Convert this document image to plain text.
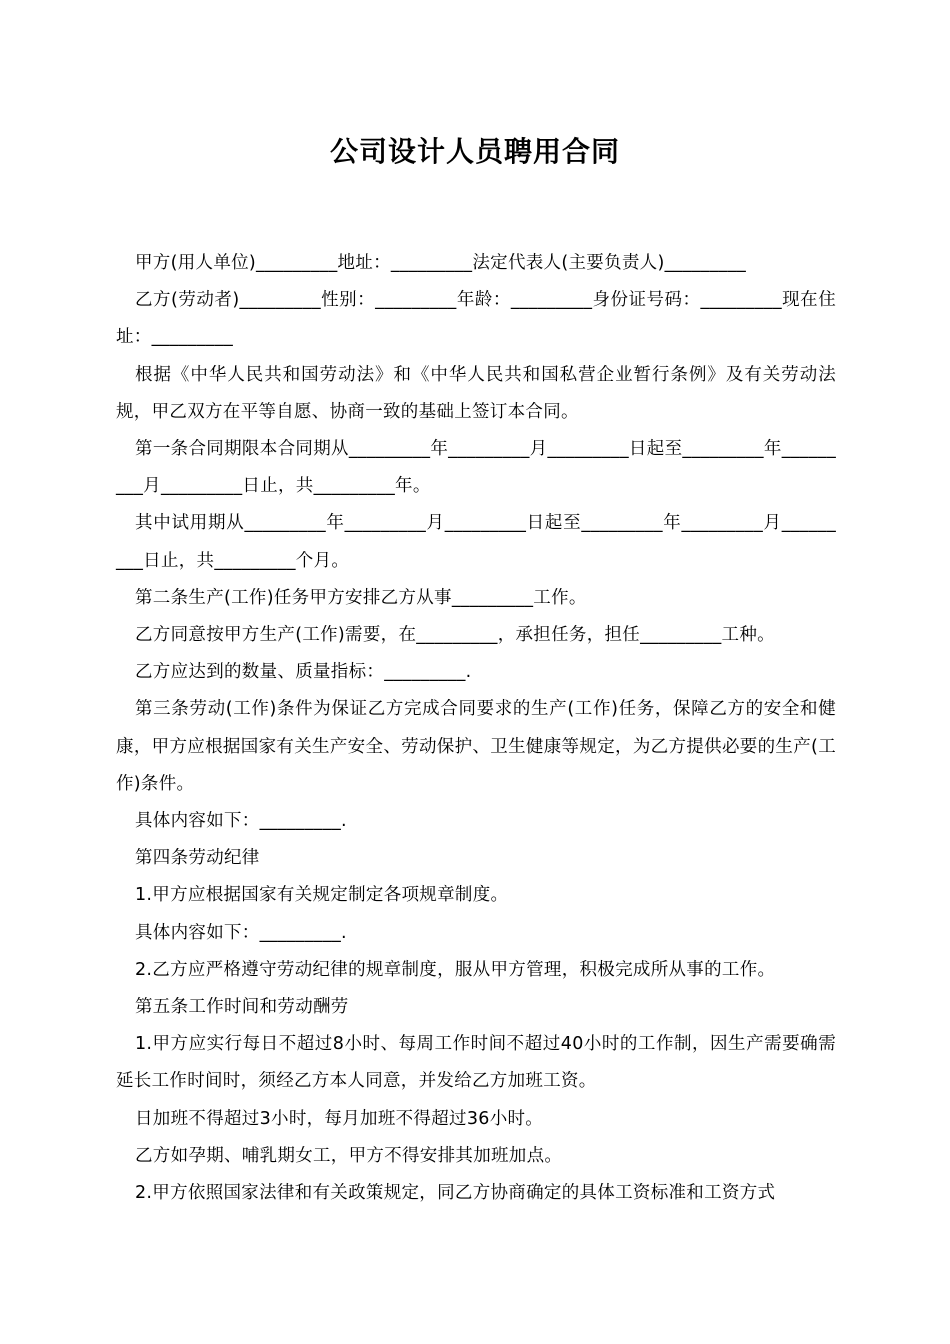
公司设计人员聘用合同

甲方(用人单位)_________地址：_________法定代表人(主要负责人)_________

乙方(劳动者)_________性别：_________年龄：_________身份证号码：_________现在住址：_________

根据《中华人民共和国劳动法》和《中华人民共和国私营企业暂行条例》及有关劳动法规，甲乙双方在平等自愿、协商一致的基础上签订本合同。

第一条合同期限本合同期从_________年_________月_________日起至_________年_________月_________日止，共_________年。

其中试用期从_________年_________月_________日起至_________年_________月_________日止，共_________个月。

第二条生产(工作)任务甲方安排乙方从事_________工作。

乙方同意按甲方生产(工作)需要，在_________，承担任务，担任_________工种。

乙方应达到的数量、质量指标：_________.

第三条劳动(工作)条件为保证乙方完成合同要求的生产(工作)任务，保障乙方的安全和健康，甲方应根据国家有关生产安全、劳动保护、卫生健康等规定，为乙方提供必要的生产(工作)条件。

具体内容如下：_________.

第四条劳动纪律

1.甲方应根据国家有关规定制定各项规章制度。

具体内容如下：_________.

2.乙方应严格遵守劳动纪律的规章制度，服从甲方管理，积极完成所从事的工作。

第五条工作时间和劳动酬劳

1.甲方应实行每日不超过8小时、每周工作时间不超过40小时的工作制，因生产需要确需延长工作时间时，须经乙方本人同意，并发给乙方加班工资。

日加班不得超过3小时，每月加班不得超过36小时。

乙方如孕期、哺乳期女工，甲方不得安排其加班加点。

2.甲方依照国家法律和有关政策规定，同乙方协商确定的具体工资标准和工资方式
